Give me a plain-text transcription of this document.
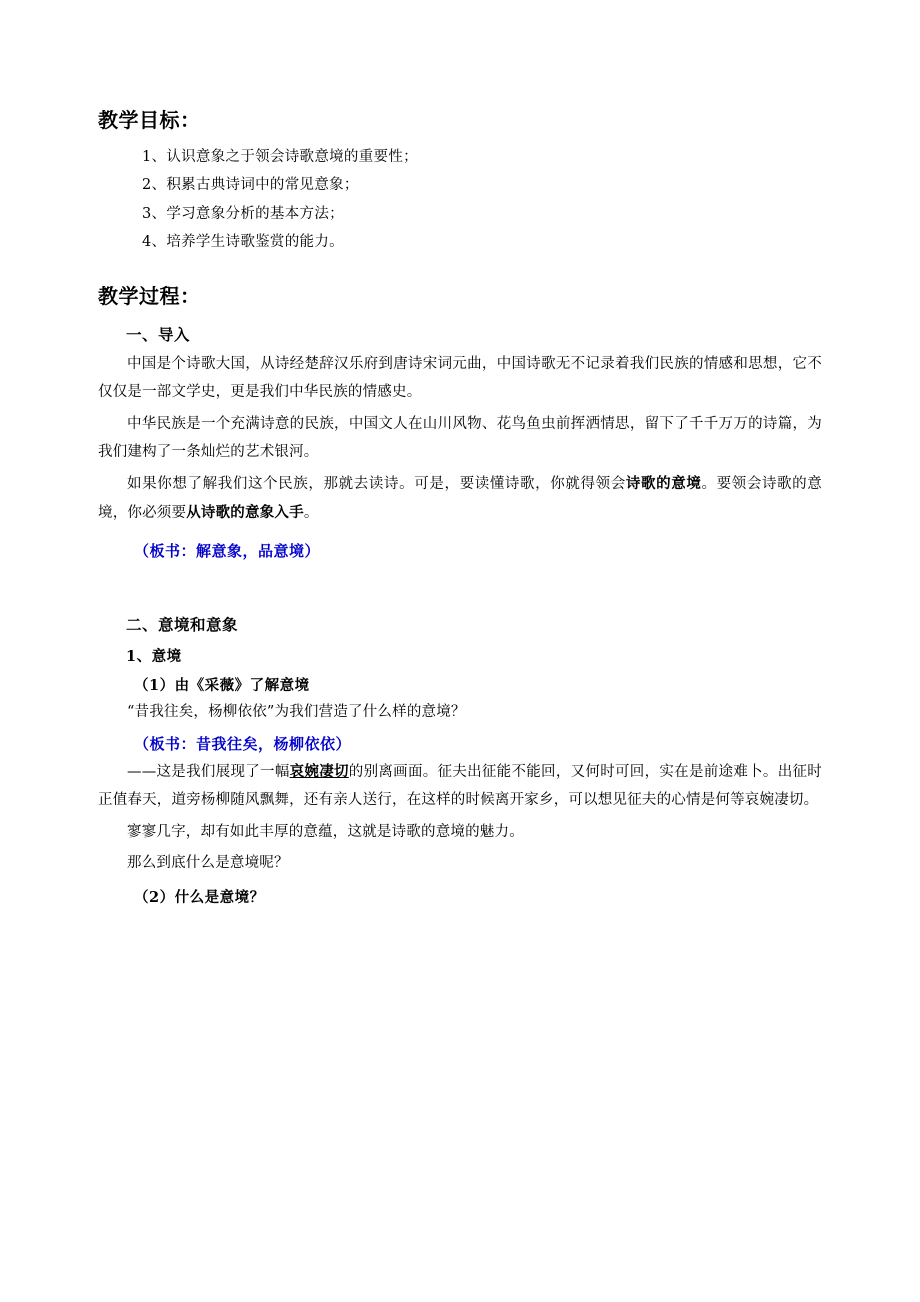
教学目标：
1、认识意象之于领会诗歌意境的重要性；
2、积累古典诗词中的常见意象；
3、学习意象分析的基本方法；
4、培养学生诗歌鉴赏的能力。
教学过程：
一、导入

中国是个诗歌大国，从诗经楚辞汉乐府到唐诗宋词元曲，中国诗歌无不记录着我们民族的情感和思想，它不仅仅是一部文学史，更是我们中华民族的情感史。

中华民族是一个充满诗意的民族，中国文人在山川风物、花鸟鱼虫前挥洒情思，留下了千千万万的诗篇，为我们建构了一条灿烂的艺术银河。

如果你想了解我们这个民族，那就去读诗。可是，要读懂诗歌，你就得领会诗歌的意境。要领会诗歌的意境，你必须要从诗歌的意象入手。

（板书：解意象，品意境）
二、意境和意象
1、意境
（1）由《采薇》了解意境

“昔我往矣，杨柳依依”为我们营造了什么样的意境？

（板书：昔我往矣，杨柳依依）

——这是我们展现了一幅哀婉凄切的别离画面。征夫出征能不能回，又何时可回，实在是前途难卜。出征时正值春天，道旁杨柳随风飘舞，还有亲人送行，在这样的时候离开家乡，可以想见征夫的心情是何等哀婉凄切。

寥寥几字，却有如此丰厚的意蕴，这就是诗歌的意境的魅力。

那么到底什么是意境呢？

（2）什么是意境？
